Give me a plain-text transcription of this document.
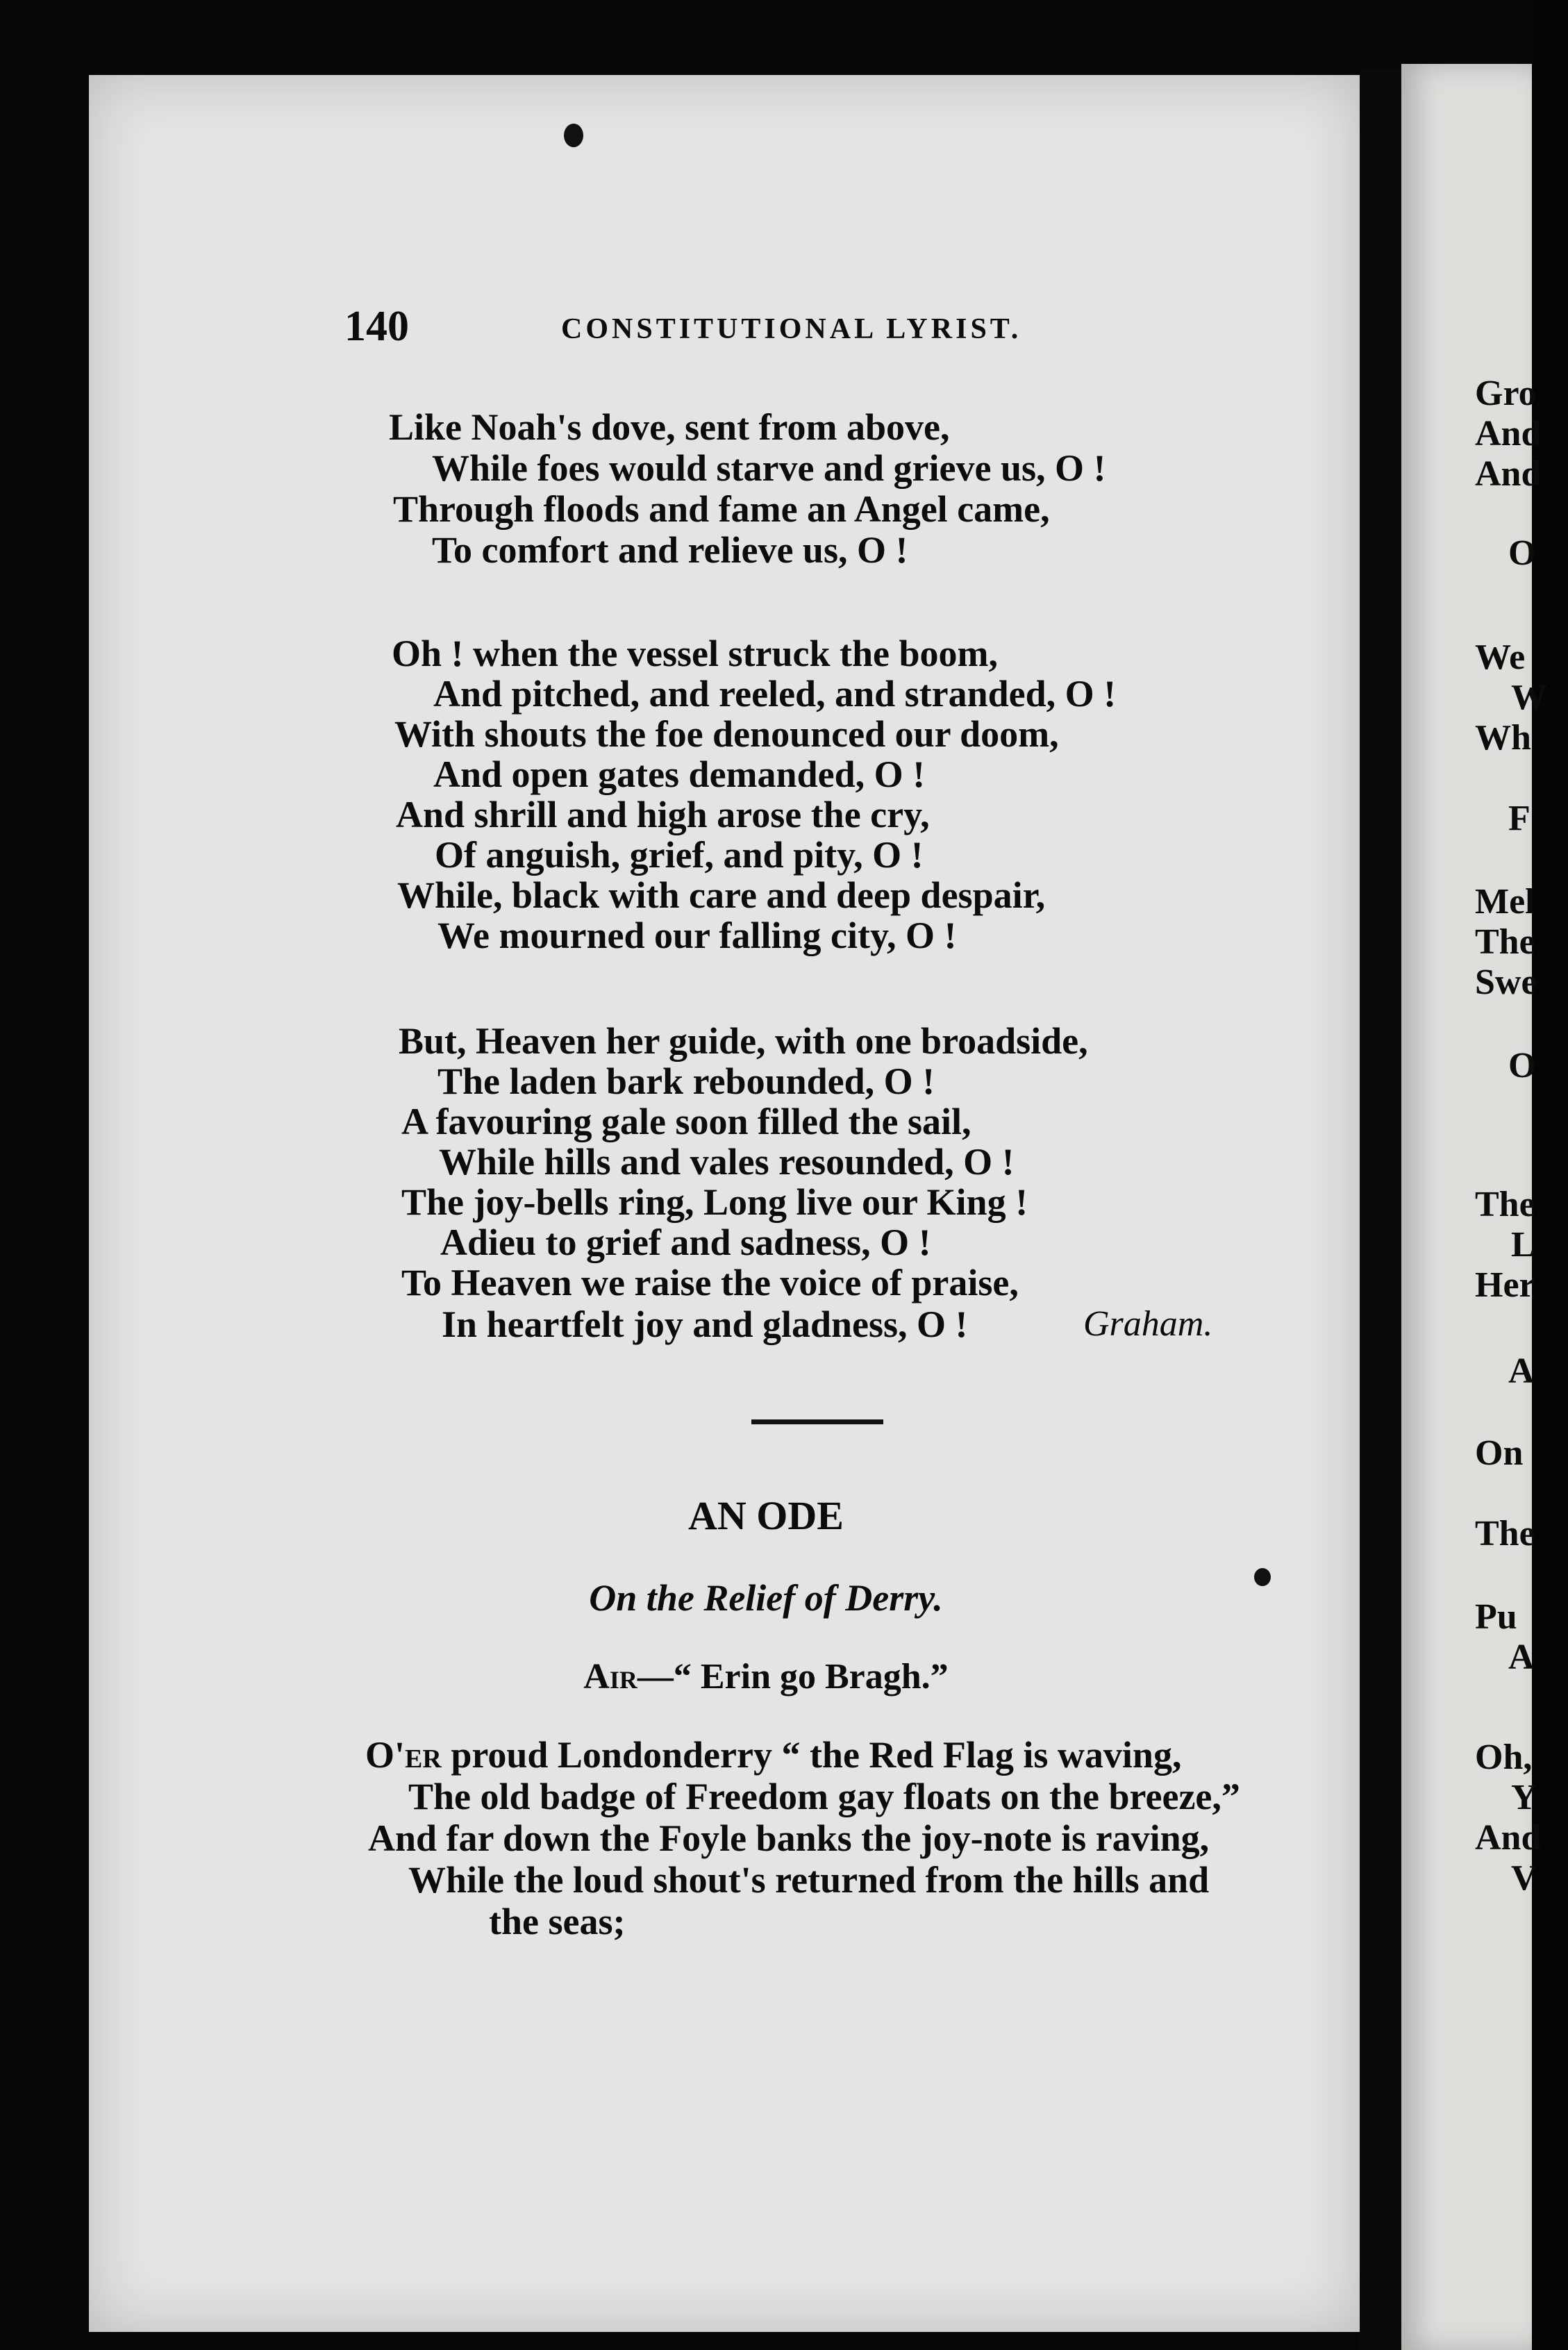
140	CONSTITUTIONAL LYRIST.
Like Noah's dove, sent from above,
While foes would starve and grieve us, O !
Through floods and fame an Angel came,
To comfort and relieve us, O !
Oh ! when the vessel struck the boom,
And pitched, and reeled, and stranded, O !
With shouts the foe denounced our doom,
And open gates demanded, O !
And shrill and high arose the cry,
Of anguish, grief, and pity, O !
While, black with care and deep despair,
We mourned our falling city, O !
But, Heaven her guide, with one broadside,
The laden bark rebounded, O !
A favouring gale soon filled the sail,
While hills and vales resounded, O !
The joy-bells ring, Long live our King !
Adieu to grief and sadness, O !
To Heaven we raise the voice of praise,
In heartfelt joy and gladness, O !	Graham.
AN ODE
On the Relief of Derry.
Air—“ Erin go Bragh.”
O'er proud Londonderry “ the Red Flag is waving,
The old badge of Freedom gay floats on the breeze,”
And far down the Foyle banks the joy-note is raving,
While the loud shout's returned from the hills and
the seas;
Gro
And
And
O
We
W
Wh
F
Mel
The
Swe
O
The
L
Her
A
On
The
Pu
A
Oh,
Y
And
V
